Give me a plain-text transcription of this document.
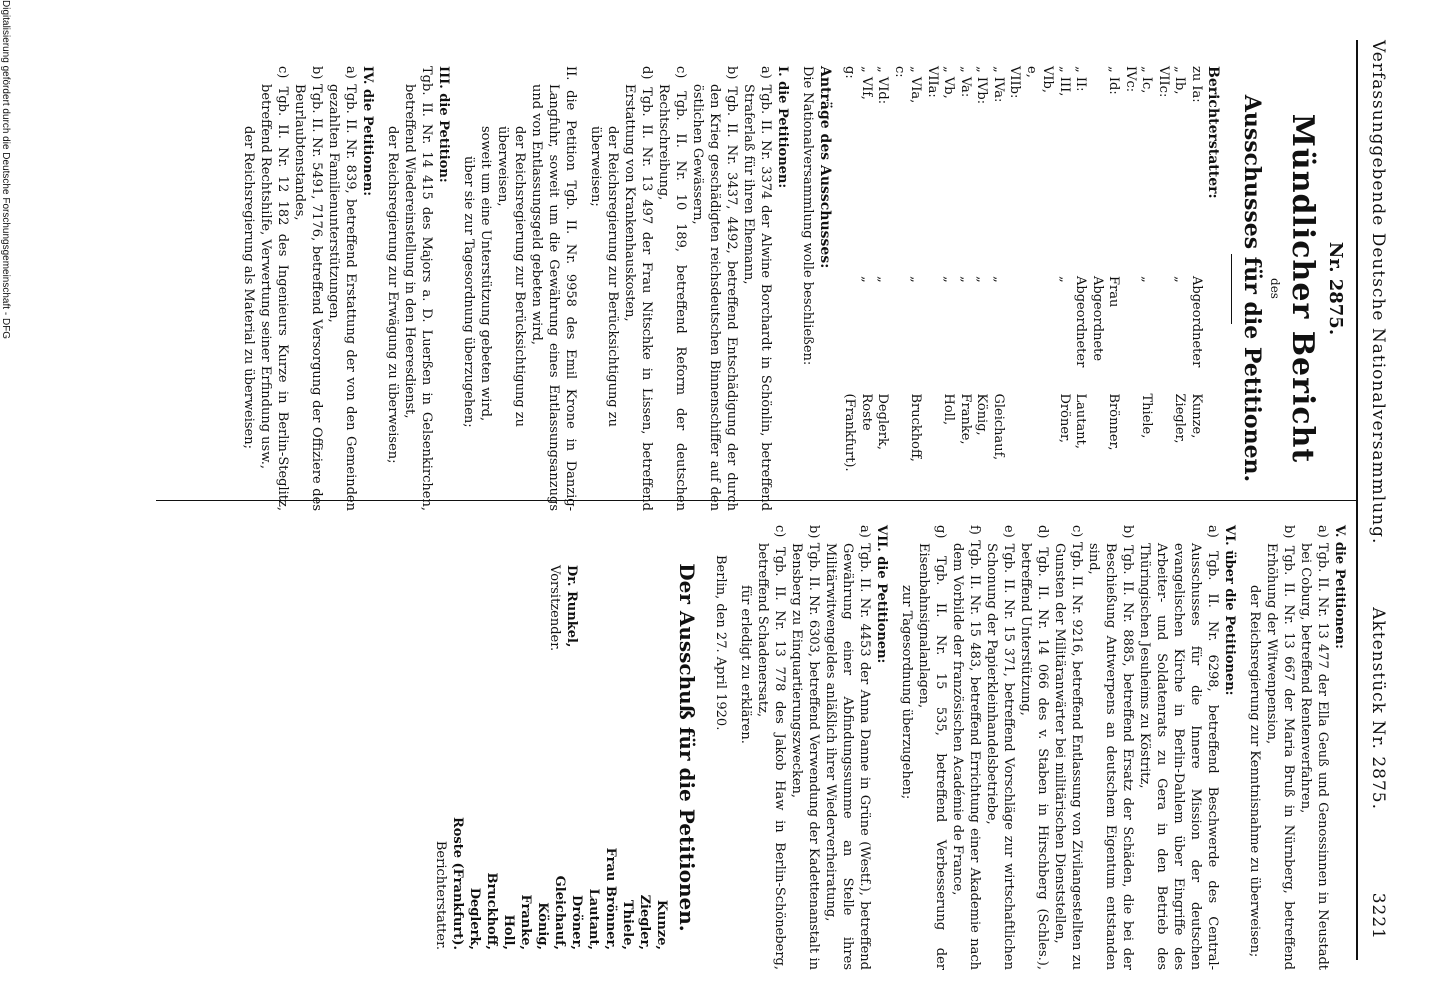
Verfassunggebende Deutsche Nationalversammlung.
Aktenstück Nr. 2875.
3221

Nr. 2875.

Mündlicher Bericht

des

Ausschusses für die Petitionen.

Berichterstatter:

zu Ia:
Abgeordneter
Kunze,
„ Ib, VIIc:
„
Ziegler,
„ Ic, IVc:
„
Thiele,
„ Id:
Frau Abgeordnete
Brönner,
„ II:
Abgeordneter
Lautant,
„ III, VIb, e, VIIb:
„
Dröner,
„ IVa:
„
Gleichauf,
„ IVb:
„
König,
„ Va:
„
Franke,
„ Vb, VIIa:
„
Holl,
„ VIa, c:
„
Bruckhoff,
„ VId:
„
Deglerk,
„ VIf, g:
„
Roste (Frankfurt).

Anträge des Ausschusses:

Die Nationalversammlung wolle beschließen:

I. die Petitionen:

a) Tgb. II. Nr. 3374 der Alwine Borchardt in Schönlin, betreffend Straferlaß für ihren Ehemann,

b) Tgb. II. Nr. 3437, 4492, betreffend Entschädigung der durch den Krieg geschädigten reichsdeutschen Binnenschiffer auf den östlichen Gewässern,

c) Tgb. II. Nr. 10 189, betreffend Reform der deutschen Rechtschreibung,

d) Tgb. II. Nr. 13 497 der Frau Nitschke in Lissen, betreffend Erstattung von Krankenhauskosten,

der Reichsregierung zur Berücksichtigung zu überweisen;

II. die Petition Tgb. II. Nr. 9958 des Emil Krone in Danzig-Langfuhr, soweit um die Gewährung eines Entlassungsanzugs und von Entlassungsgeld gebeten wird,

der Reichsregierung zur Berücksichtigung zu überweisen,

soweit um eine Unterstützung gebeten wird,

über sie zur Tagesordnung überzugehen;

III. die Petition:

Tgb. II. Nr. 14 415 des Majors a. D. Luerßen in Gelsenkirchen, betreffend Wiedereinstellung in den Heeresdienst,

der Reichsregierung zur Erwägung zu überweisen;

IV. die Petitionen:

a) Tgb. II. Nr. 839, betreffend Erstattung der von den Gemeinden gezahlten Familienunterstützungen,

b) Tgb. II. Nr. 5491, 7176, betreffend Versorgung der Offiziere des Beurlaubtenstandes,

c) Tgb. II. Nr. 12 182 des Ingenieurs Kurze in Berlin-Steglitz, betreffend Rechtshilfe, Verwertung seiner Erfindung usw.,

der Reichsregierung als Material zu überweisen;

V. die Petitionen:

a) Tgb. II. Nr. 13 477 der Ella Geuß und Genossinnen in Neustadt bei Coburg, betreffend Rentenverfahren,

b) Tgb. II. Nr. 13 667 der Maria Bruß in Nürnberg, betreffend Erhöhung der Witwenpension,

der Reichsregierung zur Kenntnisnahme zu überweisen;

VI. über die Petitionen:

a) Tgb. II. Nr. 6298, betreffend Beschwerde des Central-Ausschusses für die Innere Mission der deutschen evangelischen Kirche in Berlin-Dahlem über Eingriffe des Arbeiter- und Soldatenrats zu Gera in den Betrieb des Thüringischen Jesuheims zu Köstritz,

b) Tgb. II. Nr. 8885, betreffend Ersatz der Schäden, die bei der Beschießung Antwerpens an deutschem Eigentum entstanden sind,

c) Tgb. II. Nr. 9216, betreffend Entlassung von Zivilangestellten zu Gunsten der Militäranwärter bei militärischen Dienststellen,

d) Tgb. II. Nr. 14 066 des v. Staben in Hirschberg (Schles.), betreffend Unterstützung,

e) Tgb. II. Nr. 15 371, betreffend Vorschläge zur wirtschaftlichen Schonung der Papierkleinhandelsbetriebe,

f) Tgb. II. Nr. 15 483, betreffend Errichtung einer Akademie nach dem Vorbilde der französischen Académie de France,

g) Tgb. II. Nr. 15 535, betreffend Verbesserung der Eisenbahnsignalanlagen,

zur Tagesordnung überzugehen;

VII. die Petitionen:

a) Tgb. II. Nr. 4453 der Anna Danne in Grüne (Westf.), betreffend Gewährung einer Abfindungssumme an Stelle ihres Militärwitwengeldes anläßlich ihrer Wiederverheiratung,

b) Tgb. II. Nr. 6303, betreffend Verwendung der Kadettenanstalt in Bensberg zu Einquartierungszwecken,

c) Tgb. II. Nr. 13 778 des Jakob Haw in Berlin-Schöneberg, betreffend Schadenersatz,

für erledigt zu erklären.

Berlin, den 27. April 1920.

Der Ausschuß für die Petitionen.

Dr. Runkel,

Vorsitzender.

Kunze,

Ziegler,

Thiele,

Frau Brönner,

Lautant,

Dröner,

Gleichauf,

König,

Franke,

Holl,

Bruckhoff,

Deglerk,

Roste (Frankfurt).

Berichterstatter.

Digitalisierung gefördert durch die Deutsche Forschungsgemeinschaft - DFG
